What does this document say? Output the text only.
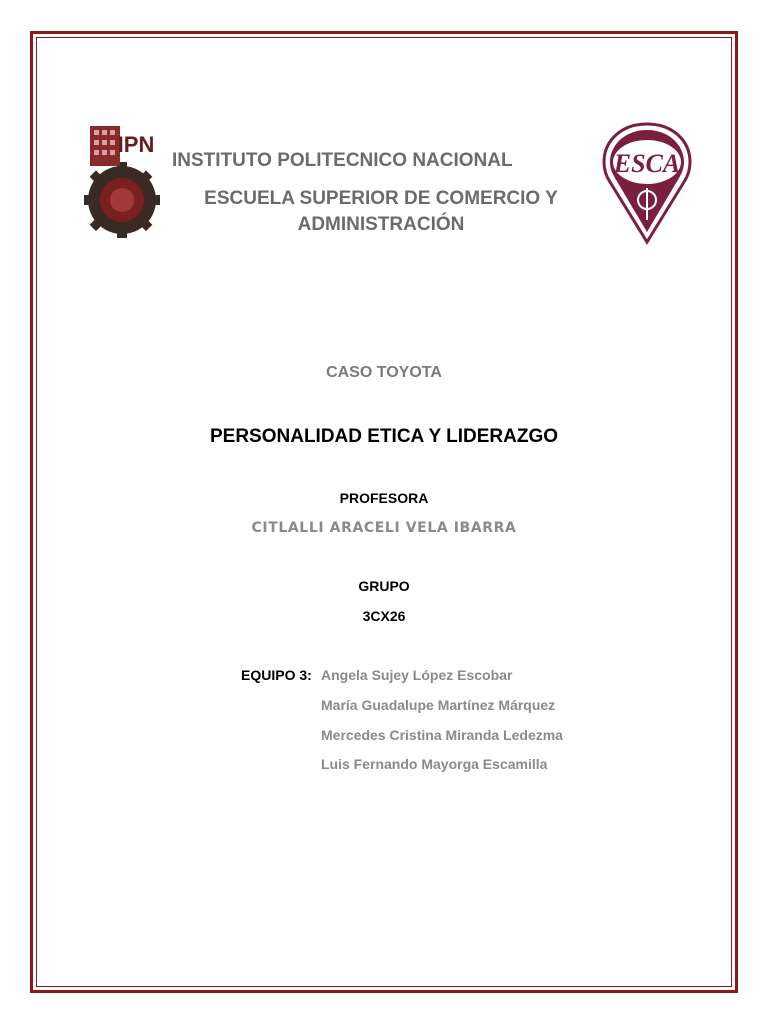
IPN
ESCA
INSTITUTO POLITECNICO NACIONAL
ESCUELA SUPERIOR DE COMERCIO Y ADMINISTRACIÓN
CASO TOYOTA
PERSONALIDAD ETICA Y LIDERAZGO
PROFESORA
CITLALLI ARACELI VELA IBARRA
GRUPO
3CX26
EQUIPO 3: Angela Sujey López Escobar
María Guadalupe Martínez Márquez
Mercedes Cristina Miranda Ledezma
Luis Fernando Mayorga Escamilla
